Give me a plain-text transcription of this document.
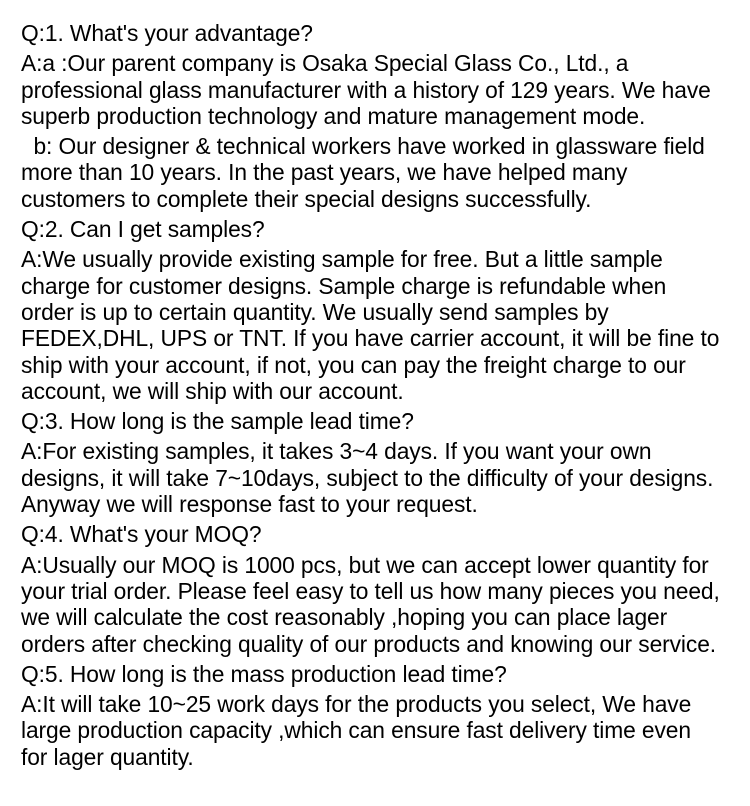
Q:1. What's your advantage?
A:a :Our parent company is Osaka Special Glass Co., Ltd., a
professional glass manufacturer with a history of 129 years. We have
superb production technology and mature management mode.
b: Our designer & technical workers have worked in glassware field
more than 10 years. In the past years, we have helped many
customers to complete their special designs successfully.
Q:2. Can I get samples?
A:We usually provide existing sample for free. But a little sample
charge for customer designs. Sample charge is refundable when
order is up to certain quantity. We usually send samples by
FEDEX,DHL, UPS or TNT. If you have carrier account, it will be fine to
ship with your account, if not, you can pay the freight charge to our
account, we will ship with our account.
Q:3. How long is the sample lead time?
A:For existing samples, it takes 3~4 days. If you want your own
designs, it will take 7~10days, subject to the difficulty of your designs.
Anyway we will response fast to your request.
Q:4. What's your MOQ?
A:Usually our MOQ is 1000 pcs, but we can accept lower quantity for
your trial order. Please feel easy to tell us how many pieces you need,
we will calculate the cost reasonably ,hoping you can place lager
orders after checking quality of our products and knowing our service.
Q:5. How long is the mass production lead time?
A:It will take 10~25 work days for the products you select, We have
large production capacity ,which can ensure fast delivery time even
for lager quantity.
